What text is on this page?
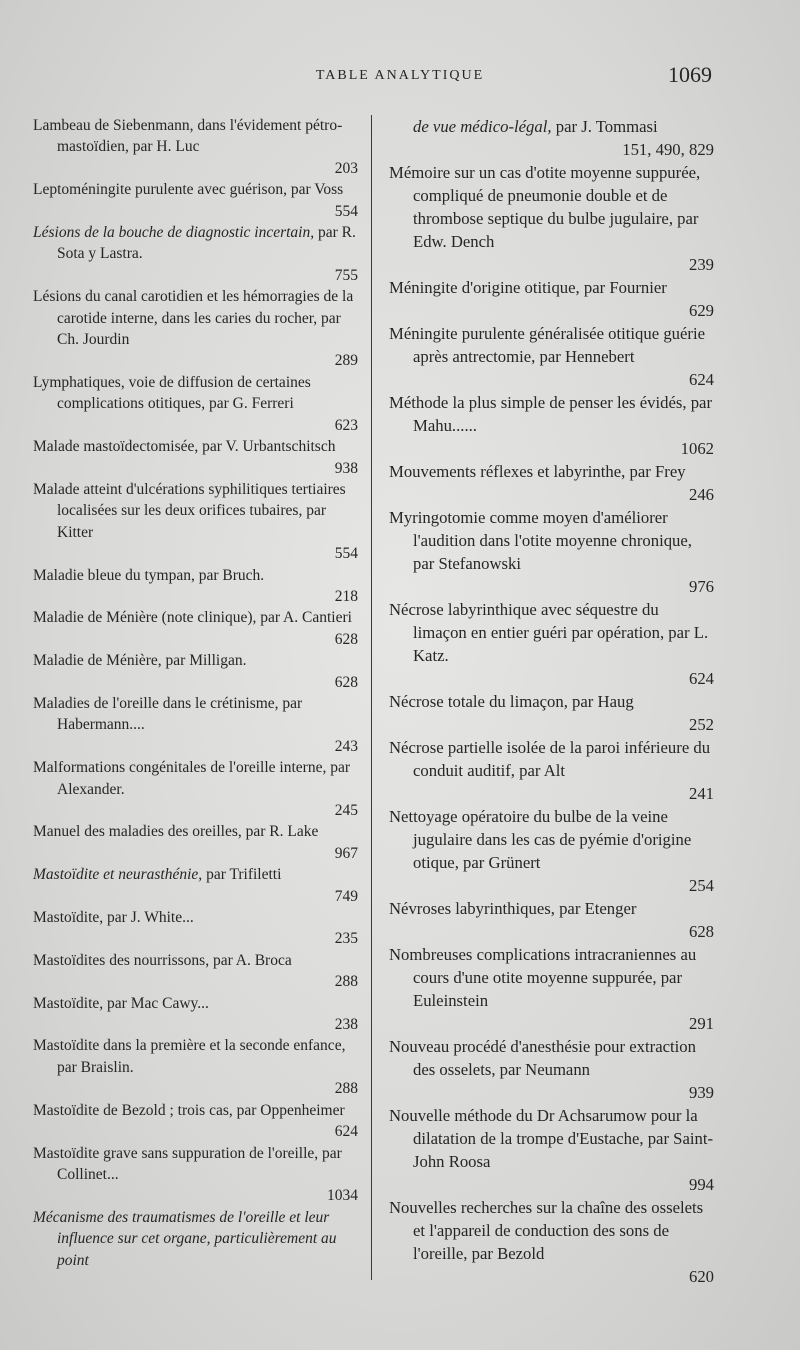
TABLE ANALYTIQUE	1069
Lambeau de Siebenmann, dans l'évidement pétro-mastoïdien, par H. Luc
203
Leptoméningite purulente avec guérison, par Voss
554
Lésions de la bouche de diagnostic incertain, par R. Sota y Lastra.
755
Lésions du canal carotidien et les hémorragies de la carotide interne, dans les caries du rocher, par Ch. Jourdin
289
Lymphatiques, voie de diffusion de certaines complications otitiques, par G. Ferreri
623
Malade mastoïdectomisée, par V. Urbantschitsch
938
Malade atteint d'ulcérations syphilitiques tertiaires localisées sur les deux orifices tubaires, par Kitter
554
Maladie bleue du tympan, par Bruch.
218
Maladie de Ménière (note clinique), par A. Cantieri
628
Maladie de Ménière, par Milligan.
628
Maladies de l'oreille dans le crétinisme, par Habermann....
243
Malformations congénitales de l'oreille interne, par Alexander.
245
Manuel des maladies des oreilles, par R. Lake
967
Mastoïdite et neurasthénie, par Trifiletti
749
Mastoïdite, par J. White...
235
Mastoïdites des nourrissons, par A. Broca
288
Mastoïdite, par Mac Cawy...
238
Mastoïdite dans la première et la seconde enfance, par Braislin.
288
Mastoïdite de Bezold ; trois cas, par Oppenheimer
624
Mastoïdite grave sans suppuration de l'oreille, par Collinet...
1034
Mécanisme des traumatismes de l'oreille et leur influence sur cet organe, particulièrement au point
de vue médico-légal, par J. Tommasi
151, 490, 829
Mémoire sur un cas d'otite moyenne suppurée, compliqué de pneumonie double et de thrombose septique du bulbe jugulaire, par Edw. Dench
239
Méningite d'origine otitique, par Fournier
629
Méningite purulente généralisée otitique guérie après antrectomie, par Hennebert
624
Méthode la plus simple de penser les évidés, par Mahu......
1062
Mouvements réflexes et labyrinthe, par Frey
246
Myringotomie comme moyen d'améliorer l'audition dans l'otite moyenne chronique, par Stefanowski
976
Nécrose labyrinthique avec séquestre du limaçon en entier guéri par opération, par L. Katz.
624
Nécrose totale du limaçon, par Haug
252
Nécrose partielle isolée de la paroi inférieure du conduit auditif, par Alt
241
Nettoyage opératoire du bulbe de la veine jugulaire dans les cas de pyémie d'origine otique, par Grünert
254
Névroses labyrinthiques, par Etenger
628
Nombreuses complications intracraniennes au cours d'une otite moyenne suppurée, par Euleinstein
291
Nouveau procédé d'anesthésie pour extraction des osselets, par Neumann
939
Nouvelle méthode du Dr Achsarumow pour la dilatation de la trompe d'Eustache, par Saint-John Roosa
994
Nouvelles recherches sur la chaîne des osselets et l'appareil de conduction des sons de l'oreille, par Bezold
620
